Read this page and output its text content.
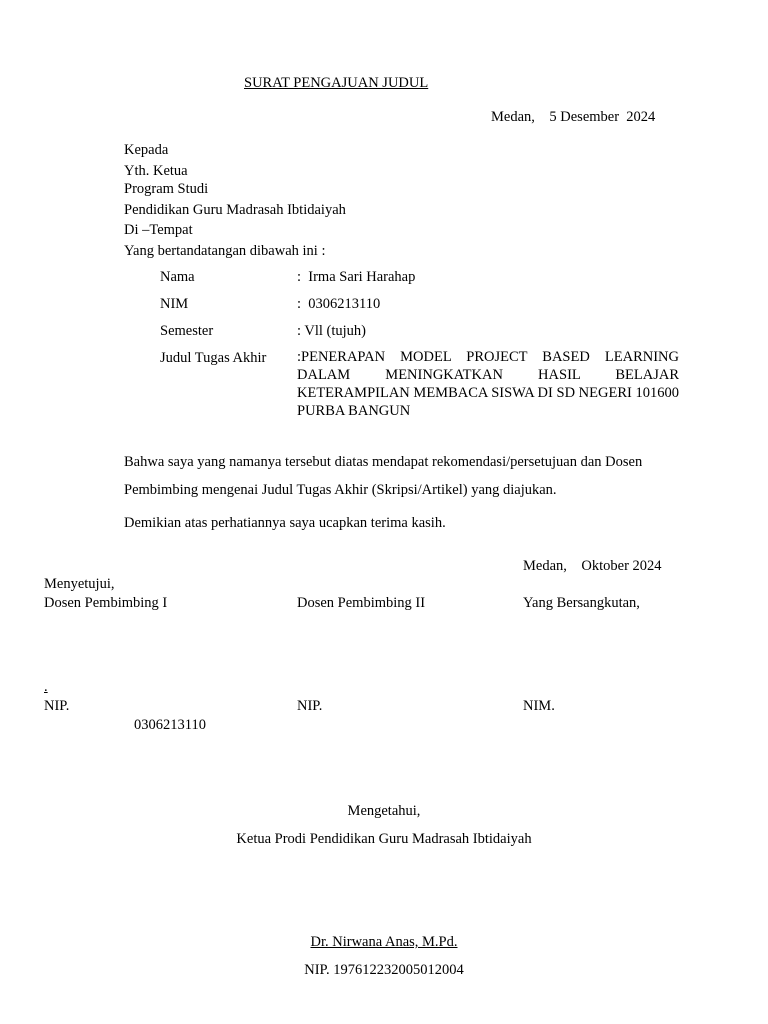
SURAT PENGAJUAN JUDUL
Medan,    5 Desember  2024
Kepada
Yth. Ketua
Program Studi
Pendidikan Guru Madrasah Ibtidaiyah
Di –Tempat
Yang bertandatangan dibawah ini :
Nama	:  Irma Sari Harahap
NIM	:  0306213110
Semester	: Vll (tujuh)
Judul Tugas Akhir :PENERAPAN MODEL PROJECT BASED LEARNING DALAM MENINGKATKAN HASIL BELAJAR KETERAMPILAN MEMBACA SISWA DI SD NEGERI 101600 PURBA BANGUN
Bahwa saya yang namanya tersebut diatas mendapat rekomendasi/persetujuan dan Dosen
Pembimbing mengenai Judul Tugas Akhir (Skripsi/Artikel) yang diajukan.
Demikian atas perhatiannya saya ucapkan terima kasih.
Medan,    Oktober 2024
Menyetujui,
Dosen Pembimbing I	Dosen Pembimbing II	Yang Bersangkutan,
.
NIP.	NIP.	NIM.
0306213110
Mengetahui,
Ketua Prodi Pendidikan Guru Madrasah Ibtidaiyah
Dr. Nirwana Anas, M.Pd.
NIP. 197612232005012004
